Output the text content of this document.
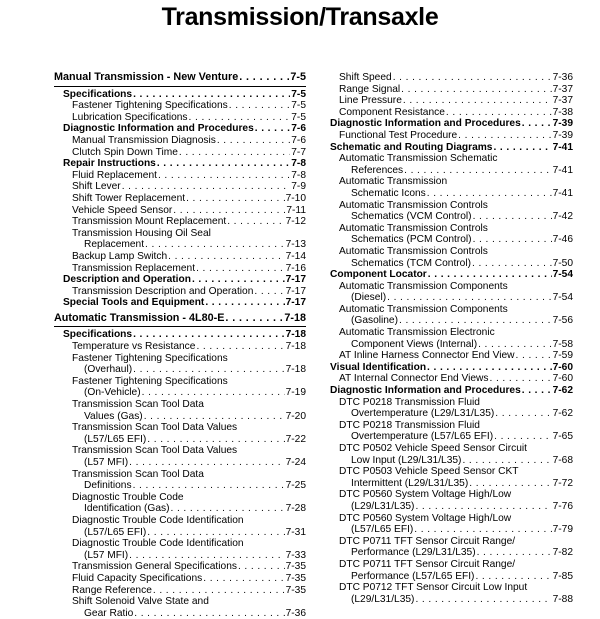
Transmission/Transaxle
Manual Transmission - New Venture . . .	7-5
Specifications . . .	7-5
Fastener Tightening Specifications . . .	7-5
Lubrication Specifications . . .	7-5
Diagnostic Information and Procedures . . .	7-6
Manual Transmission Diagnosis . . .	7-6
Clutch Spin Down Time . . .	7-7
Repair Instructions . . .	7-8
Fluid Replacement . . .	7-8
Shift Lever . . .	7-9
Shift Tower Replacement . . .	7-10
Vehicle Speed Sensor . . .	7-11
Transmission Mount Replacement . . .	7-12
Transmission Housing Oil Seal
Replacement . . .	7-13
Backup Lamp Switch . . .	7-14
Transmission Replacement . . .	7-16
Description and Operation . . .	7-17
Transmission Description and Operation . . .	7-17
Special Tools and Equipment . . .	7-17
Automatic Transmission - 4L80-E . . .	7-18
Specifications . . .	7-18
Temperature vs Resistance . . .	7-18
Fastener Tightening Specifications
(Overhaul) . . .	7-18
Fastener Tightening Specifications
(On-Vehicle) . . .	7-19
Transmission Scan Tool Data
Values (Gas) . . .	7-20
Transmission Scan Tool Data Values
(L57/L65 EFI) . . .	7-22
Transmission Scan Tool Data Values
(L57 MFI) . . .	7-24
Transmission Scan Tool Data
Definitions . . .	7-25
Diagnostic Trouble Code
Identification (Gas) . . .	7-28
Diagnostic Trouble Code Identification
(L57/L65 EFI) . . .	7-31
Diagnostic Trouble Code Identification
(L57 MFI) . . .	7-33
Transmission General Specifications . . .	7-35
Fluid Capacity Specifications . . .	7-35
Range Reference . . .	7-35
Shift Solenoid Valve State and
Gear Ratio . . .	7-36
Shift Speed . . .	7-36
Range Signal . . .	7-37
Line Pressure . . .	7-37
Component Resistance . . .	7-38
Diagnostic Information and Procedures . . .	7-39
Functional Test Procedure . . .	7-39
Schematic and Routing Diagrams . . .	7-41
Automatic Transmission Schematic
References . . .	7-41
Automatic Transmission
Schematic Icons . . .	7-41
Automatic Transmission Controls
Schematics (VCM Control) . . .	7-42
Automatic Transmission Controls
Schematics (PCM Control) . . .	7-46
Automatic Transmission Controls
Schematics (TCM Control) . . .	7-50
Component Locator . . .	7-54
Automatic Transmission Components
(Diesel) . . .	7-54
Automatic Transmission Components
(Gasoline) . . .	7-56
Automatic Transmission Electronic
Component Views (Internal) . . .	7-58
AT Inline Harness Connector End View . . .	7-59
Visual Identification . . .	7-60
AT Internal Connector End Views . . .	7-60
Diagnostic Information and Procedures . . .	7-62
DTC P0218 Transmission Fluid
Overtemperature (L29/L31/L35) . . .	7-62
DTC P0218 Transmission Fluid
Overtemperature (L57/L65 EFI) . . .	7-65
DTC P0502 Vehicle Speed Sensor Circuit
Low Input (L29/L31/L35) . . .	7-68
DTC P0503 Vehicle Speed Sensor CKT
Intermittent (L29/L31/L35) . . .	7-72
DTC P0560 System Voltage High/Low
(L29/L31/L35) . . .	7-76
DTC P0560 System Voltage High/Low
(L57/L65 EFI) . . .	7-79
DTC P0711 TFT Sensor Circuit Range/
Performance (L29/L31/L35) . . .	7-82
DTC P0711 TFT Sensor Circuit Range/
Performance (L57/L65 EFI) . . .	7-85
DTC P0712 TFT Sensor Circuit Low Input
(L29/L31/L35) . . .	7-88
